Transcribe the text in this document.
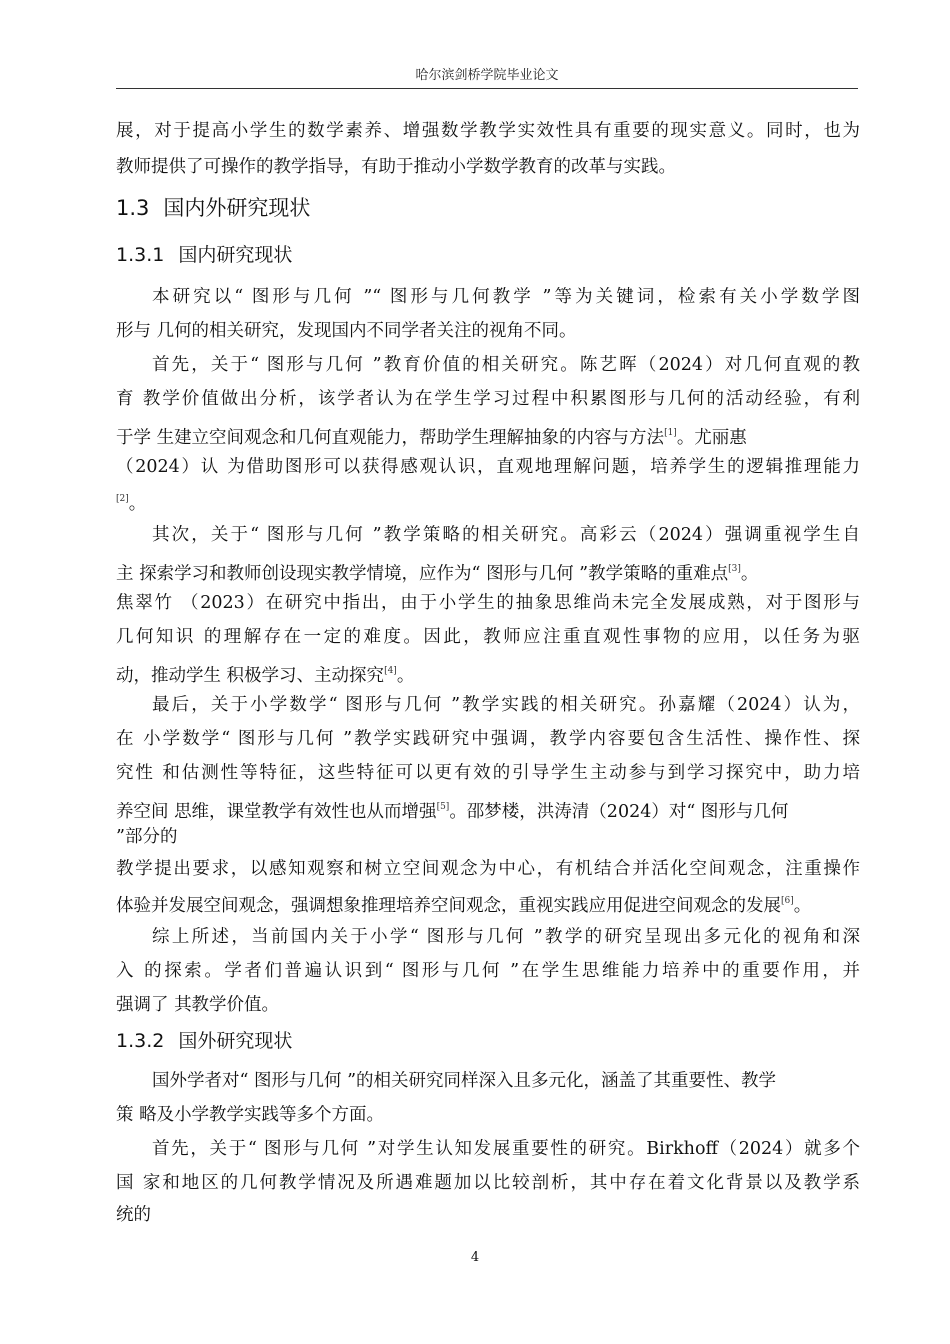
哈尔滨剑桥学院毕业论文
展，对于提高小学生的数学素养、增强数学教学实效性具有重要的现实意义。同时，也为
教师提供了可操作的教学指导，有助于推动小学数学教育的改革与实践。
1.3 国内外研究现状
1.3.1 国内研究现状
本研究以“ 图形与几何 ”“ 图形与几何教学 ”等为关键词，检索有关小学数学图
形与 几何的相关研究，发现国内不同学者关注的视角不同。
首先，关于“ 图形与几何 ”教育价值的相关研究。陈艺晖（2024）对几何直观的教
育 教学价值做出分析，该学者认为在学生学习过程中积累图形与几何的活动经验，有利
于学 生建立空间观念和几何直观能力，帮助学生理解抽象的内容与方法[1]。尤丽惠
（2024）认 为借助图形可以获得感观认识，直观地理解问题，培养学生的逻辑推理能力
[2]。
其次，关于“ 图形与几何 ”教学策略的相关研究。高彩云（2024）强调重视学生自
主 探索学习和教师创设现实教学情境，应作为“ 图形与几何 ”教学策略的重难点[3]。
焦翠竹 （2023）在研究中指出，由于小学生的抽象思维尚未完全发展成熟，对于图形与
几何知识 的理解存在一定的难度。因此，教师应注重直观性事物的应用，以任务为驱
动，推动学生 积极学习、主动探究[4]。
最后，关于小学数学“ 图形与几何 ”教学实践的相关研究。孙嘉耀（2024）认为，
在 小学数学“ 图形与几何 ”教学实践研究中强调，教学内容要包含生活性、操作性、探
究性 和估测性等特征，这些特征可以更有效的引导学生主动参与到学习探究中，助力培
养空间 思维，课堂教学有效性也从而增强[5]。邵梦楼，洪涛清（2024）对“ 图形与几何
”部分的
教学提出要求，以感知观察和树立空间观念为中心，有机结合并活化空间观念，注重操作
体验并发展空间观念，强调想象推理培养空间观念，重视实践应用促进空间观念的发展[6]。
综上所述，当前国内关于小学“ 图形与几何 ”教学的研究呈现出多元化的视角和深
入 的探索。学者们普遍认识到“ 图形与几何 ”在学生思维能力培养中的重要作用，并
强调了 其教学价值。
1.3.2 国外研究现状
国外学者对“ 图形与几何 ”的相关研究同样深入且多元化，涵盖了其重要性、教学
策 略及小学教学实践等多个方面。
首先，关于“ 图形与几何 ”对学生认知发展重要性的研究。Birkhoff（2024）就多个
国 家和地区的几何教学情况及所遇难题加以比较剖析，其中存在着文化背景以及教学系
统的
4
